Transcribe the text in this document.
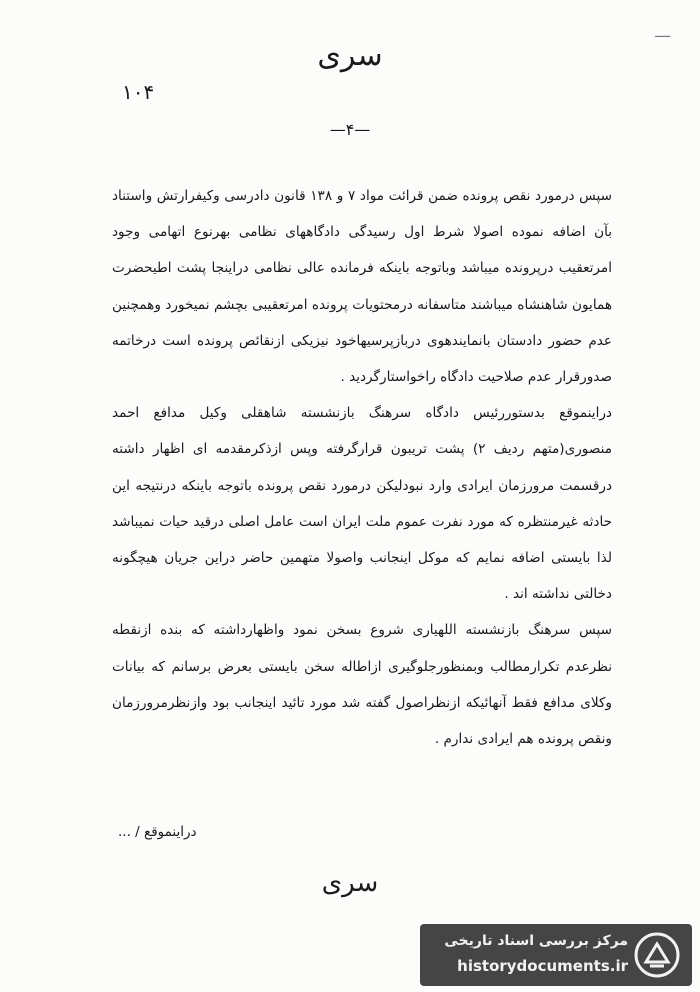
ــــ
سری
۱۰۴
—۴—

سپس درمورد نقص پرونده ضمن قرائت مواد ۷ و ۱۳۸ قانون دادرسی وکیفرارتش واستناد بآن اضافه نموده اصولا شرط اول رسیدگی دادگاههای نظامی بهرنوع اتهامی وجود امرتعقیب درپرونده میباشد وباتوجه باینکه فرمانده عالی نظامی دراینجا پشت اطیحضرت همایون شاهنشاه میباشند متاسفانه درمحتویات پرونده امرتعقیبی بچشم نمیخورد وهمچنین عدم حضور دادستان بانمایندهوی دربازپرسیهاخود نیزیکی ازنقائص پرونده است درخاتمه صدورقرار عدم صلاحیت دادگاه راخواستارگردید .

دراینموقع بدستوررئیس دادگاه سرهنگ بازنشسته شاهقلی وکیل مدافع احمد منصوری(متهم ردیف ۲) پشت تریبون قرارگرفته وپس ازذکرمقدمه ای اظهار داشته درقسمت مرورزمان ایرادی وارد نبودلیکن درمورد نقص پرونده باتوجه باینکه درنتیجه این حادثه غیرمنتظره که مورد نفرت عموم ملت ایران است عامل اصلی درقید حیات نمیباشد لذا بایستی اضافه نمایم که موکل اینجانب واصولا متهمین حاضر دراین جریان هیچگونه دخالتی نداشته اند .

سپس سرهنگ بازنشسته اللهیاری شروع بسخن نمود واظهارداشته که بنده ازنقطه نظرعدم تکرارمطالب وبمنظورجلوگیری ازاطاله سخن بایستی بعرض برسانم که بیانات وکلای مدافع فقط آنهائیکه ازنظراصول گفته شد مورد تائید اینجانب بود وازنظرمرورزمان ونقص پرونده هم ایرادی ندارم .

دراینموقع / ...
سری
مرکز بررسی اسناد تاریخی
historydocuments.ir
